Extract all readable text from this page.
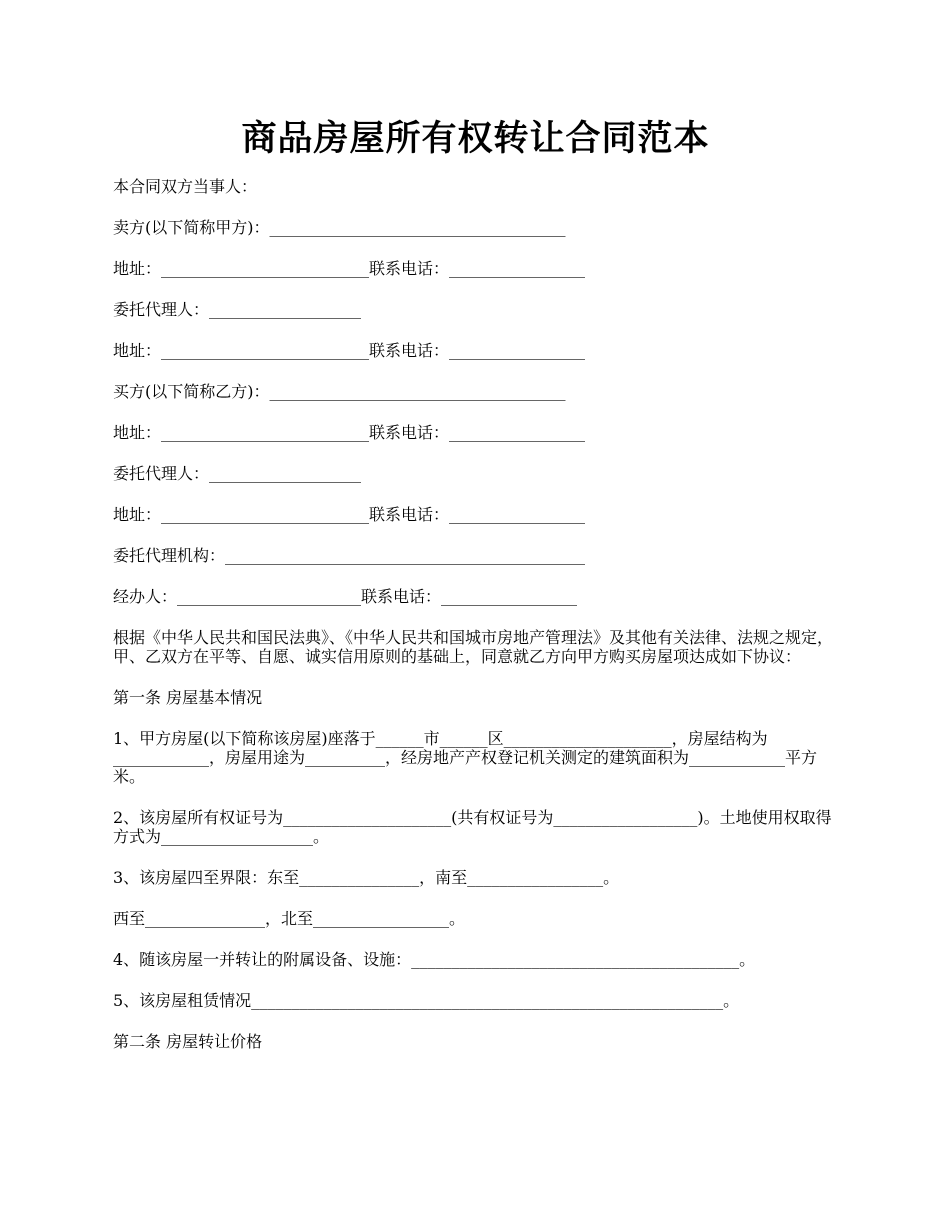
商品房屋所有权转让合同范本
本合同双方当事人：
卖方(以下简称甲方)：_____________________________________
地址：__________________________联系电话：_________________
委托代理人：___________________
地址：__________________________联系电话：_________________
买方(以下简称乙方)：_____________________________________
地址：__________________________联系电话：_________________
委托代理人：___________________
地址：__________________________联系电话：_________________
委托代理机构：_____________________________________________
经办人：_______________________联系电话：_________________
根据《中华人民共和国民法典》、《中华人民共和国城市房地产管理法》及其他有关法律、法规之规定，甲、乙双方在平等、自愿、诚实信用原则的基础上，同意就乙方向甲方购买房屋项达成如下协议：
第一条 房屋基本情况
1、甲方房屋(以下简称该房屋)座落于______市______区_____________________，房屋结构为____________，房屋用途为__________，经房地产产权登记机关测定的建筑面积为____________平方米。
2、该房屋所有权证号为_____________________(共有权证号为__________________)。土地使用权取得方式为___________________。
3、该房屋四至界限：东至_______________，南至_________________。
西至_______________，北至_________________。
4、随该房屋一并转让的附属设备、设施：_________________________________________。
5、该房屋租赁情况___________________________________________________________。
第二条 房屋转让价格
